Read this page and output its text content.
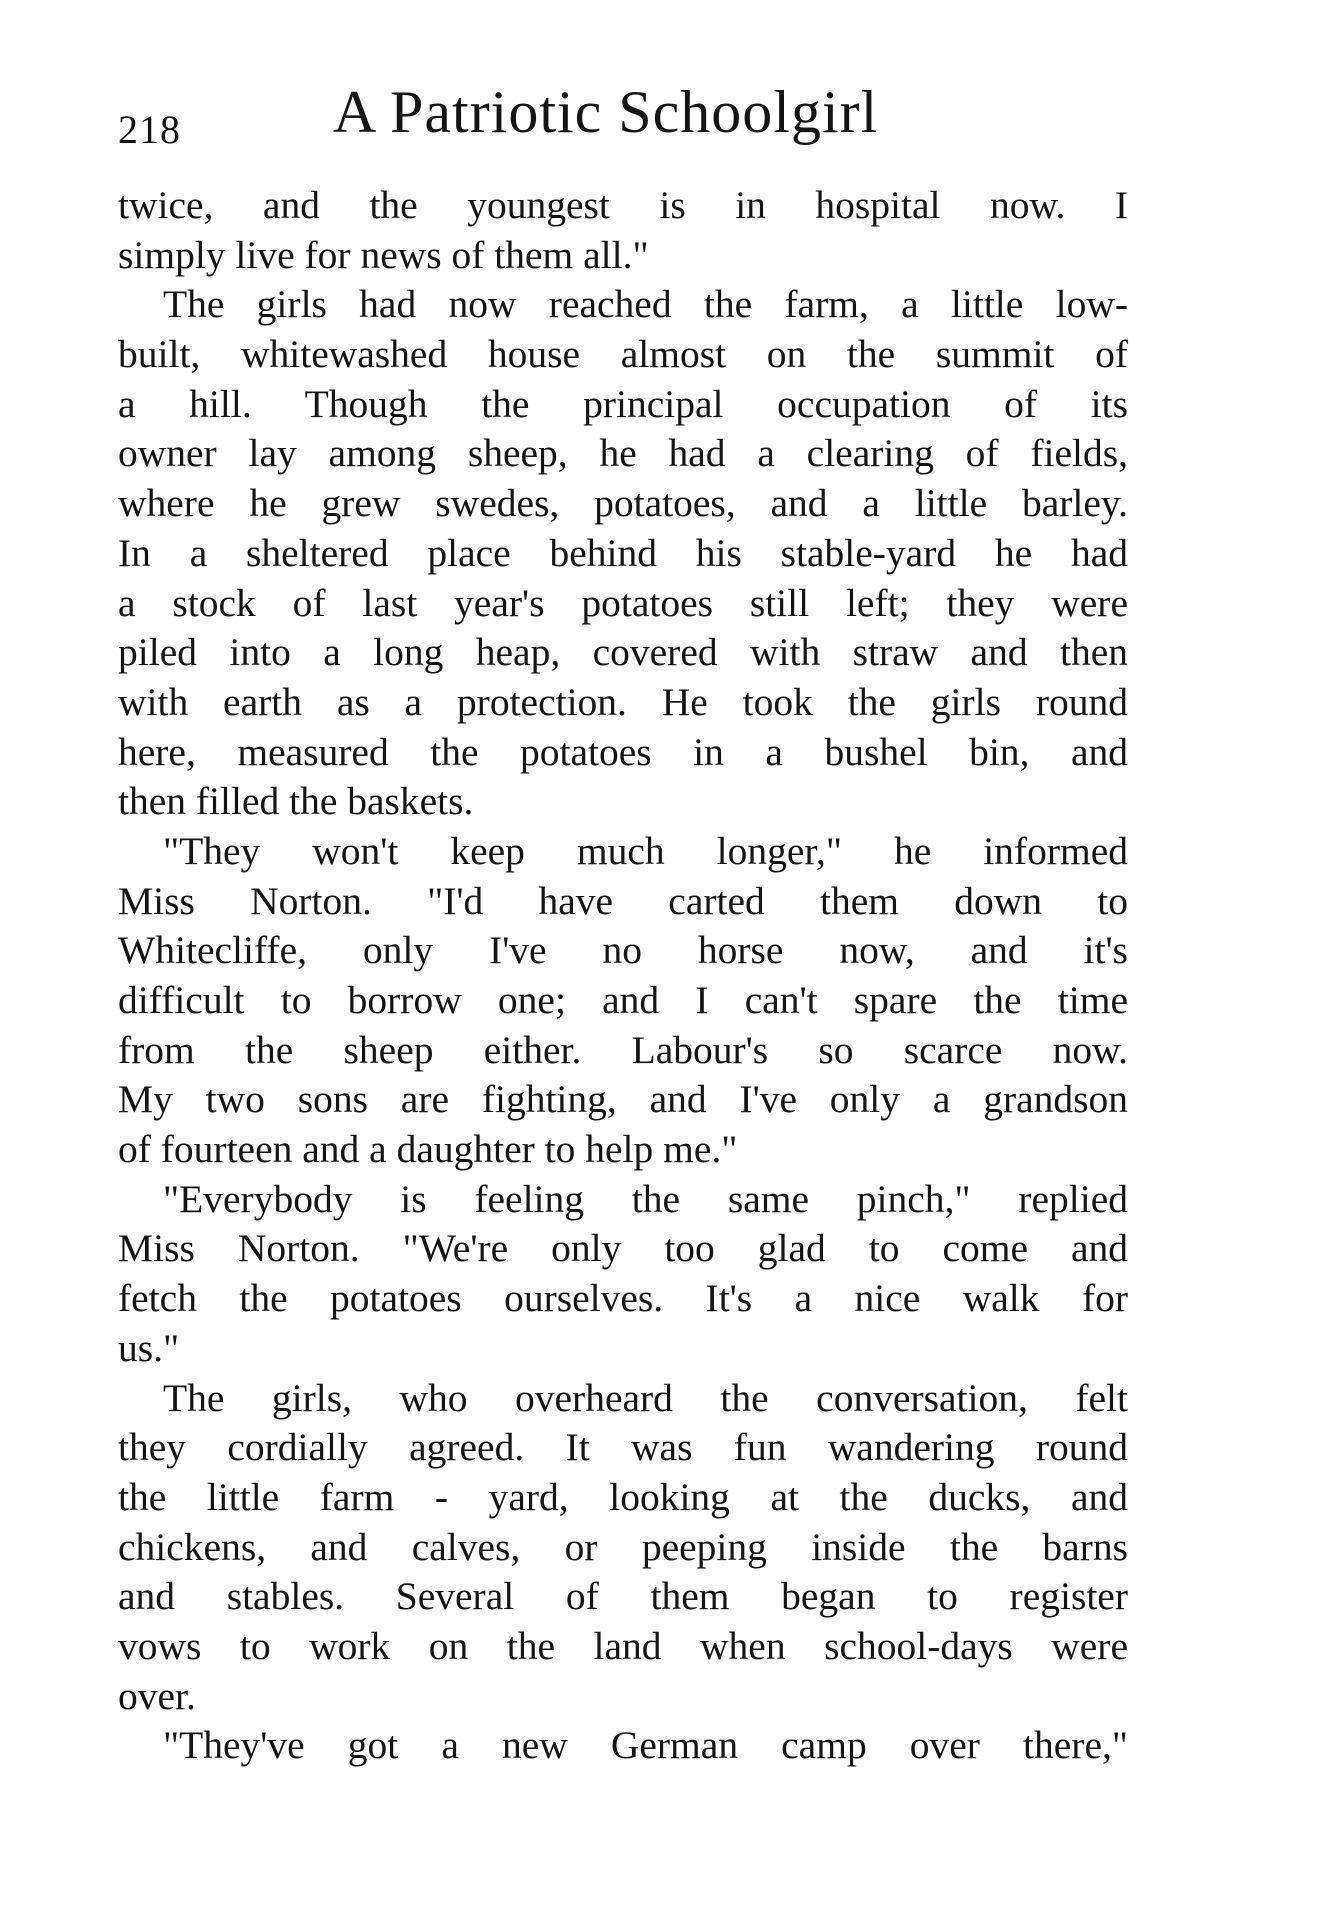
218	A Patriotic Schoolgirl
twice, and the youngest is in hospital now. I
simply live for news of them all."
The girls had now reached the farm, a little low-
built, whitewashed house almost on the summit of
a hill. Though the principal occupation of its
owner lay among sheep, he had a clearing of fields,
where he grew swedes, potatoes, and a little barley.
In a sheltered place behind his stable-yard he had
a stock of last year's potatoes still left; they were
piled into a long heap, covered with straw and then
with earth as a protection. He took the girls round
here, measured the potatoes in a bushel bin, and
then filled the baskets.
"They won't keep much longer," he informed
Miss Norton. "I'd have carted them down to
Whitecliffe, only I've no horse now, and it's
difficult to borrow one; and I can't spare the time
from the sheep either. Labour's so scarce now.
My two sons are fighting, and I've only a grandson
of fourteen and a daughter to help me."
"Everybody is feeling the same pinch," replied
Miss Norton. "We're only too glad to come and
fetch the potatoes ourselves. It's a nice walk for
us."
The girls, who overheard the conversation, felt
they cordially agreed. It was fun wandering round
the little farm - yard, looking at the ducks, and
chickens, and calves, or peeping inside the barns
and stables. Several of them began to register
vows to work on the land when school-days were
over.
"They've got a new German camp over there,"
